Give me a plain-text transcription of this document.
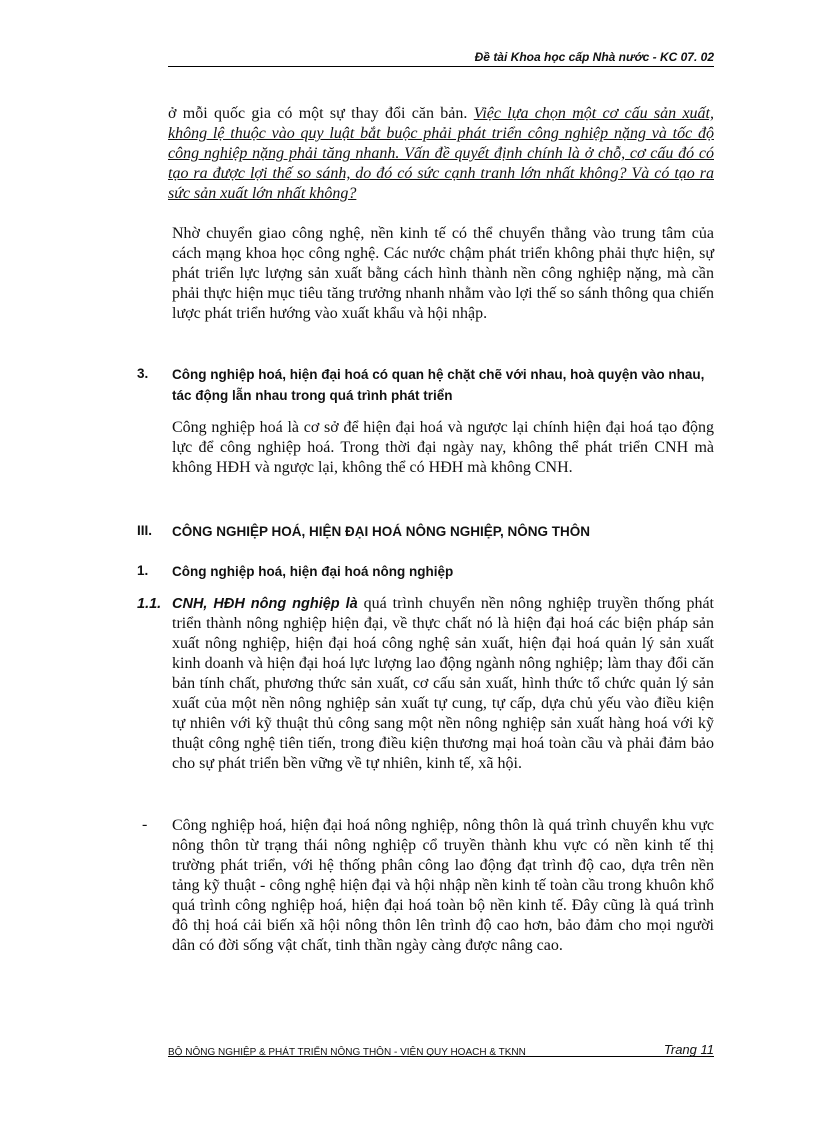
Đề tài Khoa học cấp Nhà nước - KC 07. 02
ở mỗi quốc gia có một sự thay đổi căn bản. Việc lựa chọn một cơ cấu sản xuất, không lệ thuộc vào quy luật bắt buộc phải phát triển công nghiệp nặng và tốc độ công nghiệp nặng phải tăng nhanh. Vấn đề quyết định chính là ở chỗ, cơ cấu đó có tạo ra được lợi thế so sánh, do đó có sức cạnh tranh lớn nhất không? Và có tạo ra sức sản xuất lớn nhất không?
Nhờ chuyển giao công nghệ, nền kinh tế có thể chuyển thẳng vào trung tâm của cách mạng khoa học công nghệ. Các nước chậm phát triển không phải thực hiện, sự phát triển lực lượng sản xuất bằng cách hình thành nền công nghiệp nặng, mà cần phải thực hiện mục tiêu tăng trưởng nhanh nhằm vào lợi thế so sánh thông qua chiến lược phát triển hướng vào xuất khẩu và hội nhập.
3. Công nghiệp hoá, hiện đại hoá có quan hệ chặt chẽ với nhau, hoà quyện vào nhau, tác động lẫn nhau trong quá trình phát triển
Công nghiệp hoá là cơ sở để hiện đại hoá và ngược lại chính hiện đại hoá tạo động lực để công nghiệp hoá. Trong thời đại ngày nay, không thể phát triển CNH mà không HĐH và ngược lại, không thể có HĐH mà không CNH.
III. CÔNG NGHIỆP HOÁ, HIỆN ĐẠI HOÁ NÔNG NGHIỆP, NÔNG THÔN
1. Công nghiệp hoá, hiện đại hoá nông nghiệp
1.1. CNH, HĐH nông nghiệp là quá trình chuyển nền nông nghiệp truyền thống phát triển thành nông nghiệp hiện đại, về thực chất nó là hiện đại hoá các biện pháp sản xuất nông nghiệp, hiện đại hoá công nghệ sản xuất, hiện đại hoá quản lý sản xuất kinh doanh và hiện đại hoá lực lượng lao động ngành nông nghiệp; làm thay đổi căn bản tính chất, phương thức sản xuất, cơ cấu sản xuất, hình thức tổ chức quản lý sản xuất của một nền nông nghiệp sản xuất tự cung, tự cấp, dựa chủ yếu vào điều kiện tự nhiên với kỹ thuật thủ công sang một nền nông nghiệp sản xuất hàng hoá với kỹ thuật công nghệ tiên tiến, trong điều kiện thương mại hoá toàn cầu và phải đảm bảo cho sự phát triển bền vững về tự nhiên, kinh tế, xã hội.
- Công nghiệp hoá, hiện đại hoá nông nghiệp, nông thôn là quá trình chuyển khu vực nông thôn từ trạng thái nông nghiệp cổ truyền thành khu vực có nền kinh tế thị trường phát triển, với hệ thống phân công lao động đạt trình độ cao, dựa trên nền tảng kỹ thuật - công nghệ hiện đại và hội nhập nền kinh tế toàn cầu trong khuôn khổ quá trình công nghiệp hoá, hiện đại hoá toàn bộ nền kinh tế. Đây cũng là quá trình đô thị hoá cải biến xã hội nông thôn lên trình độ cao hơn, bảo đảm cho mọi người dân có đời sống vật chất, tinh thần ngày càng được nâng cao.
BỘ NÔNG NGHIỆP & PHÁT TRIỂN NÔNG THÔN - VIỆN QUY HOẠCH & TKNN	Trang 11
